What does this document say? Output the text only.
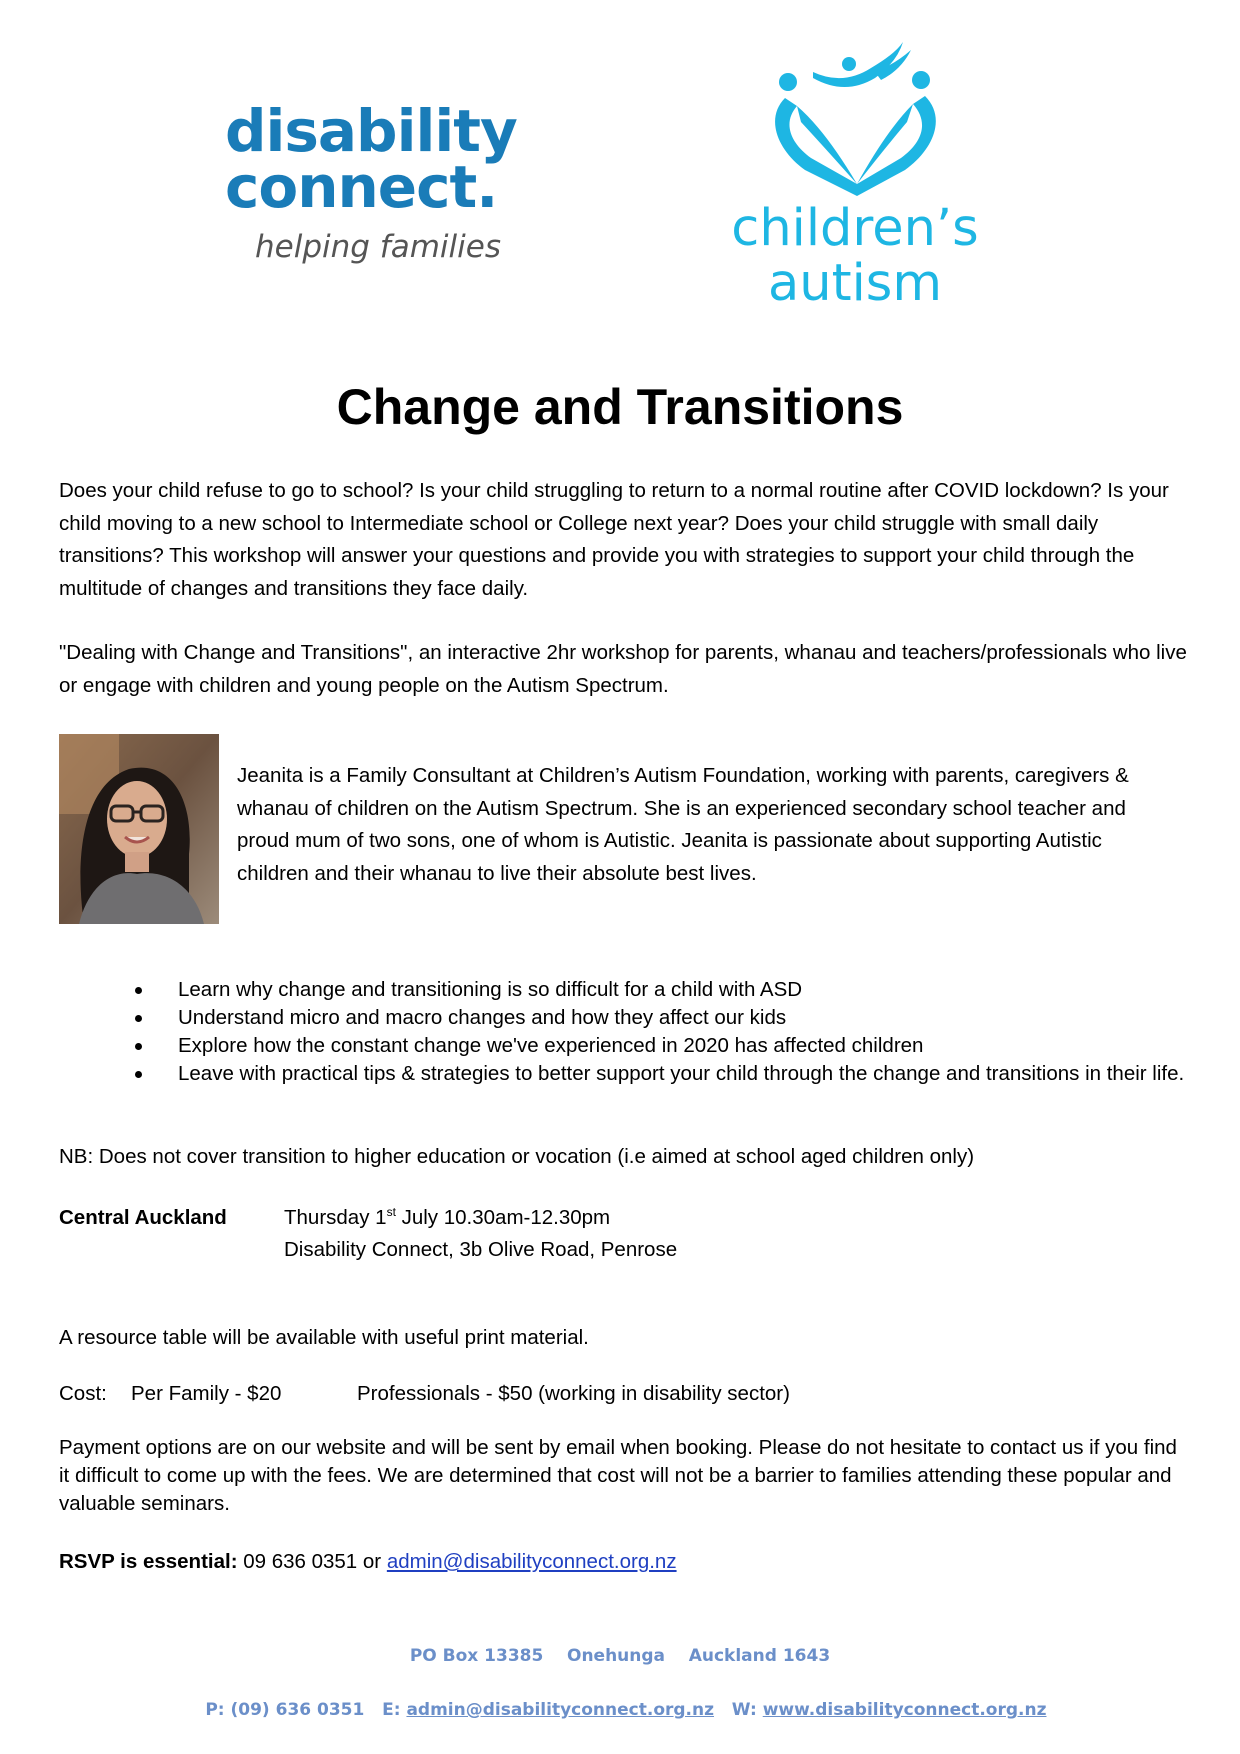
disability
connect.
helping families	children’s
autism
Change and Transitions
Does your child refuse to go to school? Is your child struggling to return to a normal routine after COVID lockdown? Is your child moving to a new school to Intermediate school or College next year? Does your child struggle with small daily transitions? This workshop will answer your questions and provide you with strategies to support your child through the multitude of changes and transitions they face daily.
"Dealing with Change and Transitions", an interactive 2hr workshop for parents, whanau and teachers/professionals who live or engage with children and young people on the Autism Spectrum.
Jeanita is a Family Consultant at Children’s Autism Foundation, working with parents, caregivers & whanau of children on the Autism Spectrum. She is an experienced secondary school teacher and proud mum of two sons, one of whom is Autistic. Jeanita is passionate about supporting Autistic children and their whanau to live their absolute best lives.
Learn why change and transitioning is so difficult for a child with ASD
Understand micro and macro changes and how they affect our kids
Explore how the constant change we've experienced in 2020 has affected children
Leave with practical tips & strategies to better support your child through the change and transitions in their life.
NB: Does not cover transition to higher education or vocation (i.e aimed at school aged children only)
Central Auckland	Thursday 1st July 10.30am-12.30pm
Disability Connect, 3b Olive Road, Penrose
A resource table will be available with useful print material.
Cost: Per Family - $20	Professionals - $50 (working in disability sector)
Payment options are on our website and will be sent by email when booking. Please do not hesitate to contact us if you find it difficult to come up with the fees. We are determined that cost will not be a barrier to families attending these popular and valuable seminars.
RSVP is essential: 09 636 0351 or admin@disabilityconnect.org.nz
PO Box 13385    Onehunga    Auckland 1643

P: (09) 636 0351   E: admin@disabilityconnect.org.nz   W: www.disabilityconnect.org.nz
